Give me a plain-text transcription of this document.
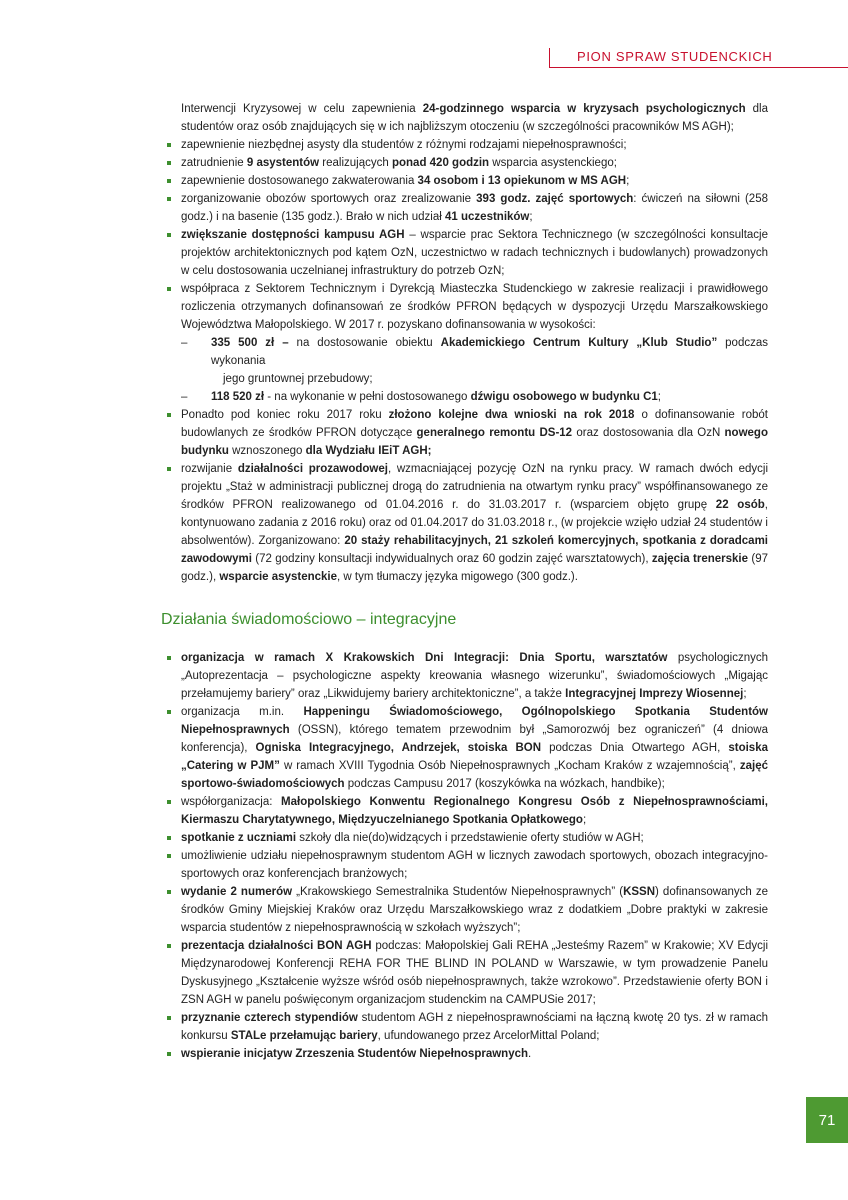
PION SPRAW STUDENCKICH

Interwencji Kryzysowej w celu zapewnienia 24-godzinnego wsparcia w kryzysach psychologicznych dla studentów oraz osób znajdujących się w ich najbliższym otoczeniu (w szczególności pracowników MS AGH);

zapewnienie niezbędnej asysty dla studentów z różnymi rodzajami niepełnosprawności;
zatrudnienie 9 asystentów realizujących ponad 420 godzin wsparcia asystenckiego;
zapewnienie dostosowanego zakwaterowania 34 osobom i 13 opiekunom w MS AGH;
zorganizowanie obozów sportowych oraz zrealizowanie 393 godz. zajęć sportowych: ćwiczeń na siłowni (258 godz.) i na basenie (135 godz.). Brało w nich udział 41 uczestników;
zwiększanie dostępności kampusu AGH – wsparcie prac Sektora Technicznego (w szczególności konsultacje projektów architektonicznych pod kątem OzN, uczestnictwo w radach technicznych i budowlanych) prowadzonych w celu dostosowania uczelnianej infrastruktury do potrzeb OzN;
współpraca z Sektorem Technicznym i Dyrekcją Miasteczka Studenckiego w zakresie realizacji i prawidłowego rozliczenia otrzymanych dofinansowań ze środków PFRON będących w dyspozycji Urzędu Marszałkowskiego Województwa Małopolskiego. W 2017 r. pozyskano dofinansowania w wysokości:
–	335 500 zł – na dostosowanie obiektu Akademickiego Centrum Kultury „Klub Studio” podczas wykonania
jego gruntownej przebudowy;
–	118 520 zł - na wykonanie w pełni dostosowanego dźwigu osobowego w budynku C1;
Ponadto pod koniec roku 2017 roku złożono kolejne dwa wnioski na rok 2018 o dofinansowanie robót budowlanych ze środków PFRON dotyczące generalnego remontu DS-12 oraz dostosowania dla OzN nowego budynku wznoszonego dla Wydziału IEiT AGH;
rozwijanie działalności prozawodowej, wzmacniającej pozycję OzN na rynku pracy. W ramach dwóch edycji projektu „Staż w administracji publicznej drogą do zatrudnienia na otwartym rynku pracy” współfinansowanego ze środków PFRON realizowanego od 01.04.2016 r. do 31.03.2017 r. (wsparciem objęto grupę 22 osób, kontynuowano zadania z 2016 roku) oraz od 01.04.2017 do 31.03.2018 r., (w projekcie wzięło udział 24 studentów i absolwentów). Zorganizowano: 20 staży rehabilitacyjnych, 21 szkoleń komercyjnych, spotkania z doradcami zawodowymi (72 godziny konsultacji indywidualnych oraz 60 godzin zajęć warsztatowych), zajęcia trenerskie (97 godz.), wsparcie asystenckie, w tym tłumaczy języka migowego (300 godz.).
Działania świadomościowo – integracyjne
organizacja w ramach X Krakowskich Dni Integracji: Dnia Sportu, warsztatów psychologicznych „Autoprezentacja – psychologiczne aspekty kreowania własnego wizerunku”, świadomościowych „Migając przełamujemy bariery” oraz „Likwidujemy bariery architektoniczne”, a także Integracyjnej Imprezy Wiosennej;
organizacja m.in. Happeningu Świadomościowego, Ogólnopolskiego Spotkania Studentów Niepełnosprawnych (OSSN), którego tematem przewodnim był „Samorozwój bez ograniczeń” (4 dniowa konferencja), Ogniska Integracyjnego, Andrzejek, stoiska BON podczas Dnia Otwartego AGH, stoiska „Catering w PJM” w ramach XVIII Tygodnia Osób Niepełnosprawnych „Kocham Kraków z wzajemnością”, zajęć sportowo-świadomościowych podczas Campusu 2017 (koszykówka na wózkach, handbike);
współorganizacja: Małopolskiego Konwentu Regionalnego Kongresu Osób z Niepełnosprawnościami, Kiermaszu Charytatywnego, Międzyuczelnianego Spotkania Opłatkowego;
spotkanie z uczniami szkoły dla nie(do)widzących i przedstawienie oferty studiów w AGH;
umożliwienie udziału niepełnosprawnym studentom AGH w licznych zawodach sportowych, obozach integracyjno-sportowych oraz konferencjach branżowych;
wydanie 2 numerów „Krakowskiego Semestralnika Studentów Niepełnosprawnych” (KSSN) dofinansowanych ze środków Gminy Miejskiej Kraków oraz Urzędu Marszałkowskiego wraz z dodatkiem „Dobre praktyki w zakresie wsparcia studentów z niepełnosprawnością w szkołach wyższych”;
prezentacja działalności BON AGH podczas: Małopolskiej Gali REHA „Jesteśmy Razem” w Krakowie; XV Edycji Międzynarodowej Konferencji REHA FOR THE BLIND IN POLAND w Warszawie, w tym prowadzenie Panelu Dyskusyjnego „Kształcenie wyższe wśród osób niepełnosprawnych, także wzrokowo”. Przedstawienie oferty BON i ZSN AGH w panelu poświęconym organizacjom studenckim na CAMPUSie 2017;
przyznanie czterech stypendiów studentom AGH z niepełnosprawnościami na łączną kwotę 20 tys. zł w ramach konkursu STALe przełamując bariery, ufundowanego przez ArcelorMittal Poland;
wspieranie inicjatyw Zrzeszenia Studentów Niepełnosprawnych.
71
